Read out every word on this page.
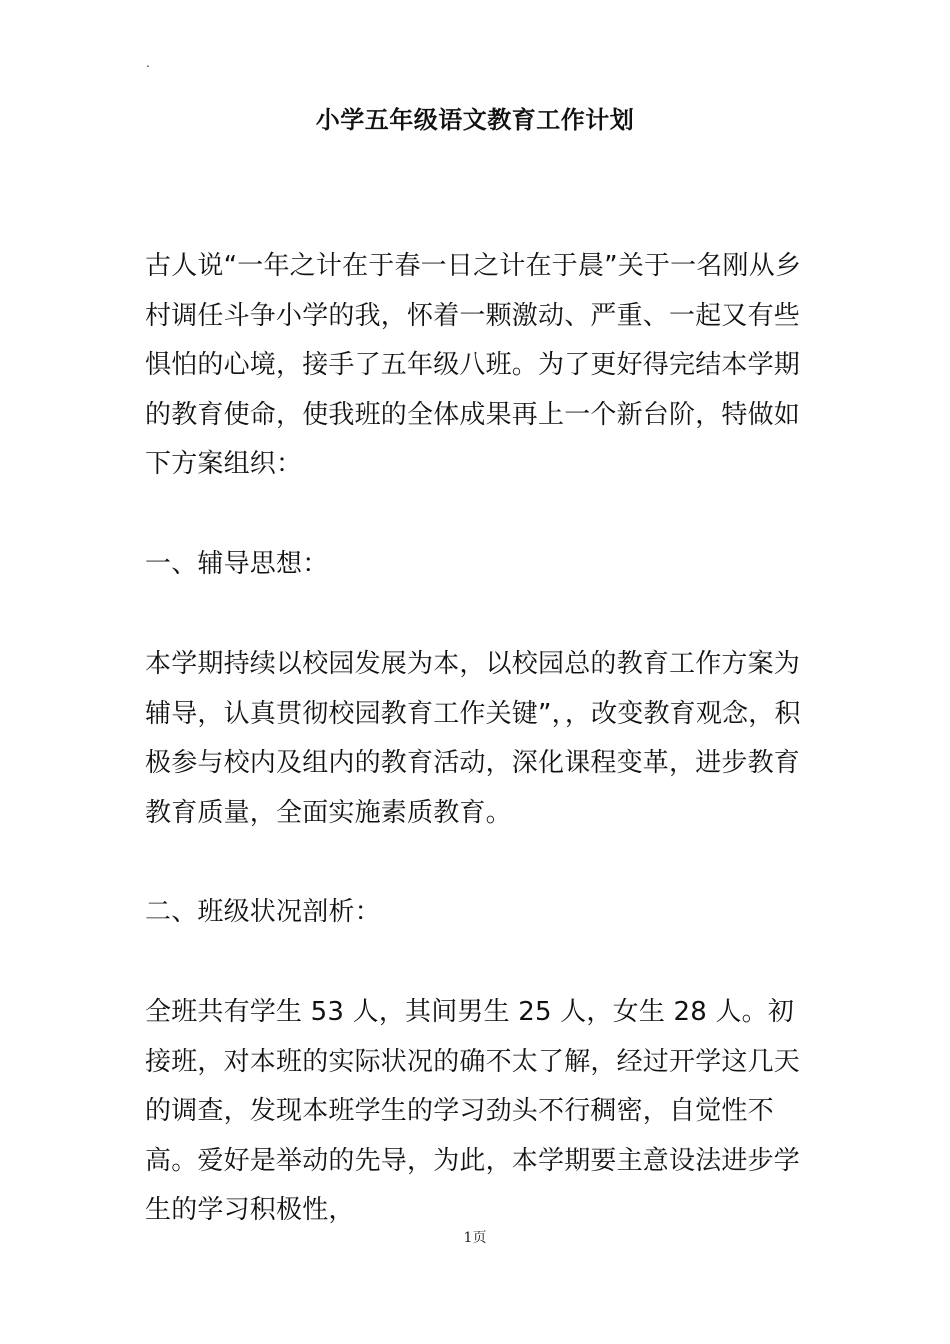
.
小学五年级语文教育工作计划

古人说“一年之计在于春一日之计在于晨”关于一名刚从乡村调任斗争小学的我，怀着一颗激动、严重、一起又有些惧怕的心境，接手了五年级八班。为了更好得完结本学期的教育使命，使我班的全体成果再上一个新台阶，特做如下方案组织：

一、辅导思想：

本学期持续以校园发展为本，以校园总的教育工作方案为辅导，认真贯彻校园教育工作关键”，，改变教育观念，积极参与校内及组内的教育活动，深化课程变革，进步教育教育质量，全面实施素质教育。

二、班级状况剖析：

全班共有学生 53 人，其间男生 25 人，女生 28 人。初接班，对本班的实际状况的确不太了解，经过开学这几天的调查，发现本班学生的学习劲头不行稠密，自觉性不高。爱好是举动的先导，为此，本学期要主意设法进步学生的学习积极性，

1页
